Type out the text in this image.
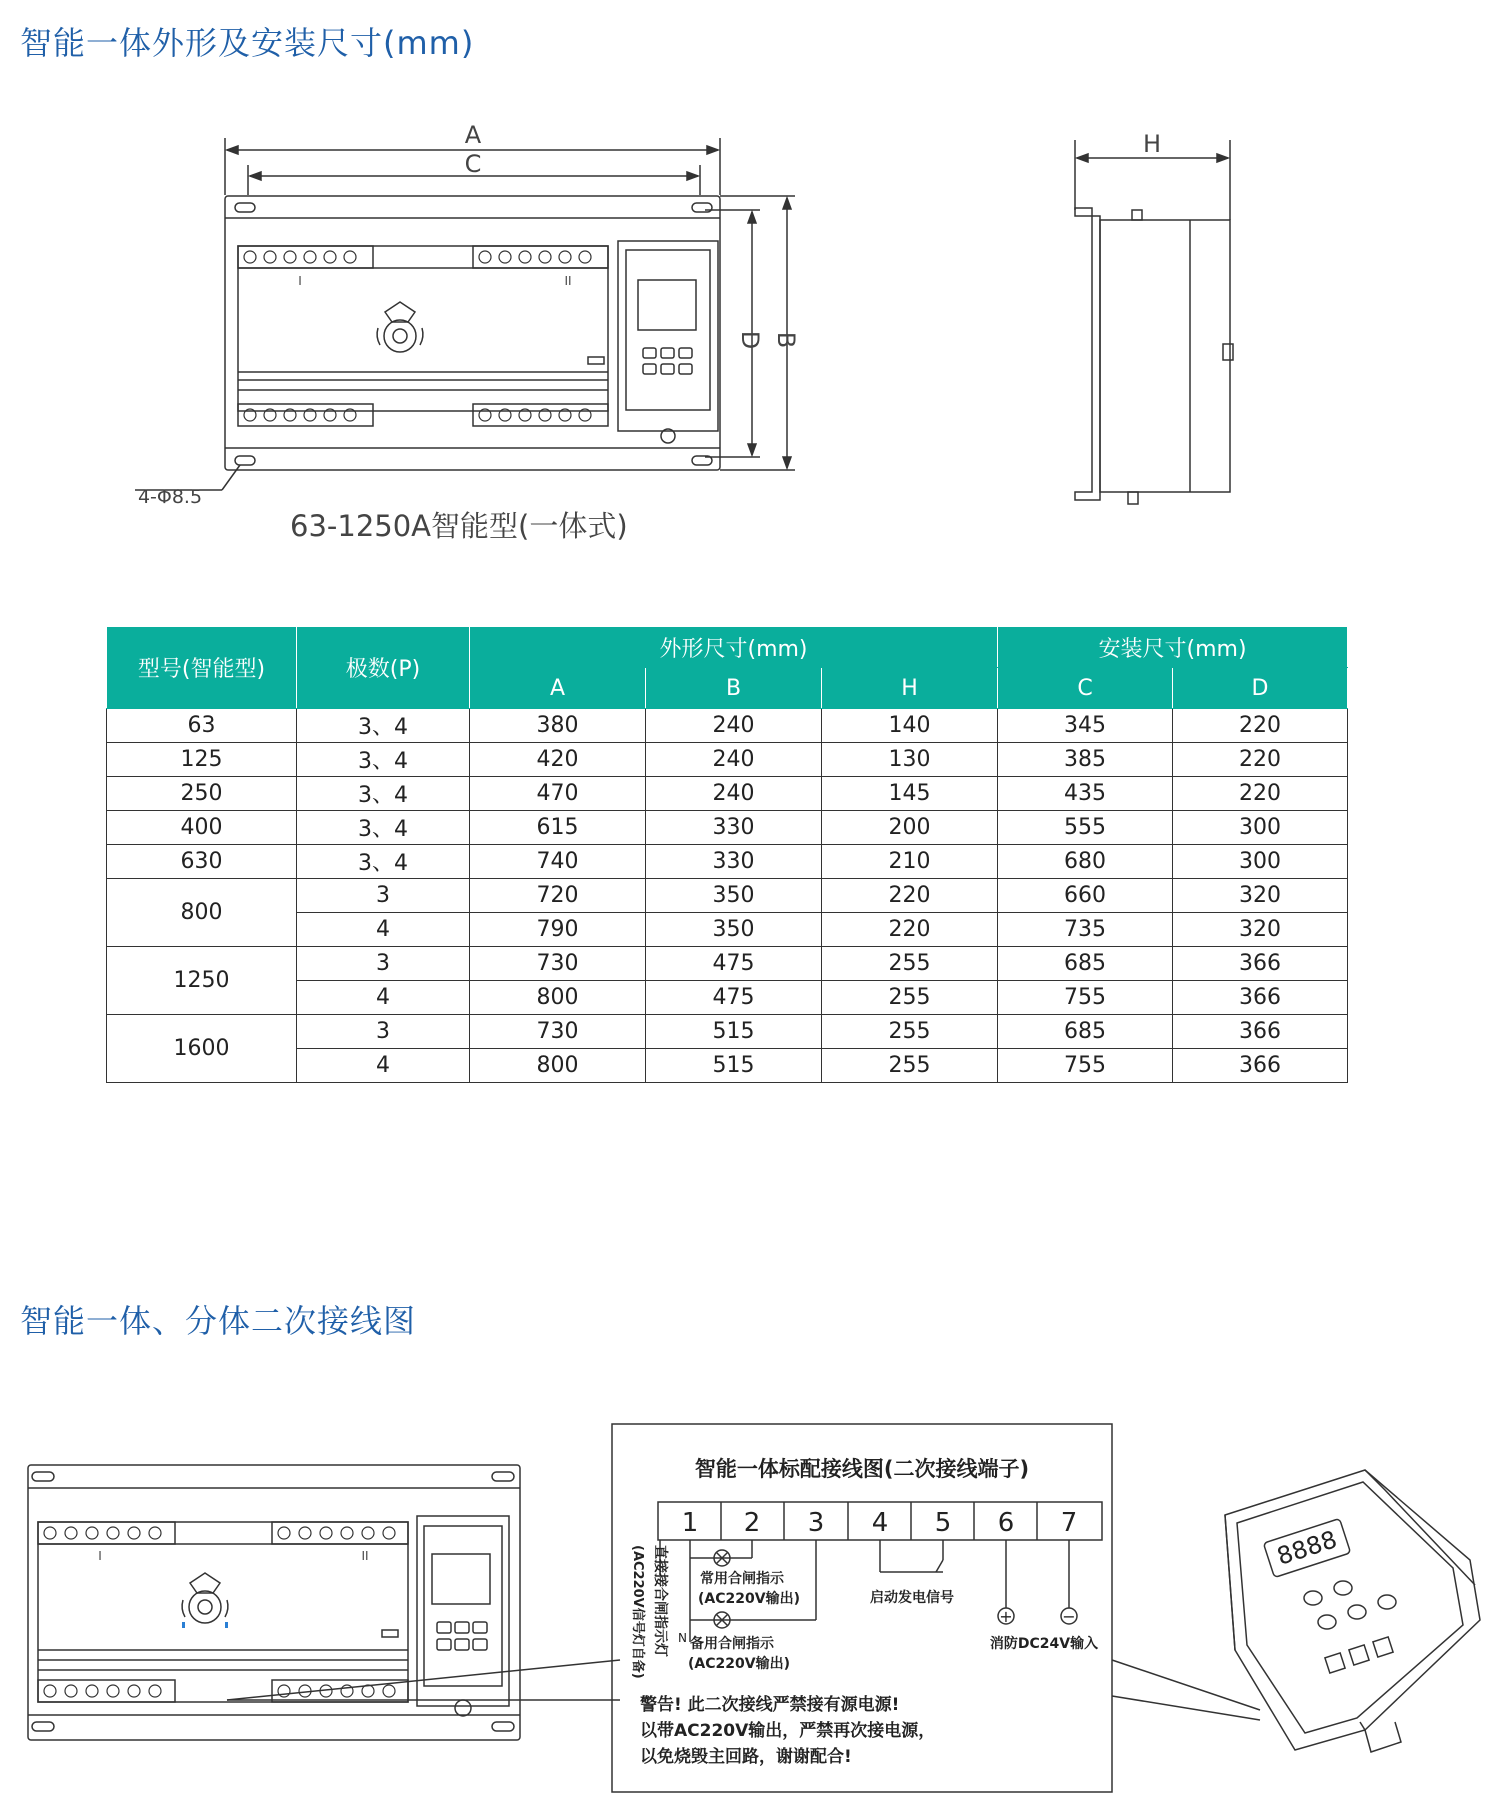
智能一体外形及安装尺寸(mm)
A
C
D B
I	II
4-Φ8.5

63-1250A智能型(一体式)

H
型号(智能型)	极数(P)	外形尺寸(mm)			安装尺寸(mm)	
		A	B	H	C	D
63	3、4	380	240	140	345	220
125	3、4	420	240	130	385	220
250	3、4	470	240	145	435	220
400	3、4	615	330	200	555	300
630	3、4	740	330	210	680	300
800	3	720	350	220	660	320
	4	790	350	220	735	320
1250	3	730	475	255	685	366
	4	800	475	255	755	366
1600	3	730	515	255	685	366
	4	800	515	255	755	366
智能一体、分体二次接线图
I	II
智能一体标配接线图(二次接线端子)
1 2 3 4 5 6 7
直接接合闸指示灯
(AC220V信号灯自备)	常用合闸指示
(AC220V输出)
N 备用合闸指示
(AC220V输出)
启动发电信号
+	−
消防DC24V输入
警告! 此二次接线严禁接有源电源!
以带AC220V输出，严禁再次接电源，
以免烧毁主回路，谢谢配合!
8888
